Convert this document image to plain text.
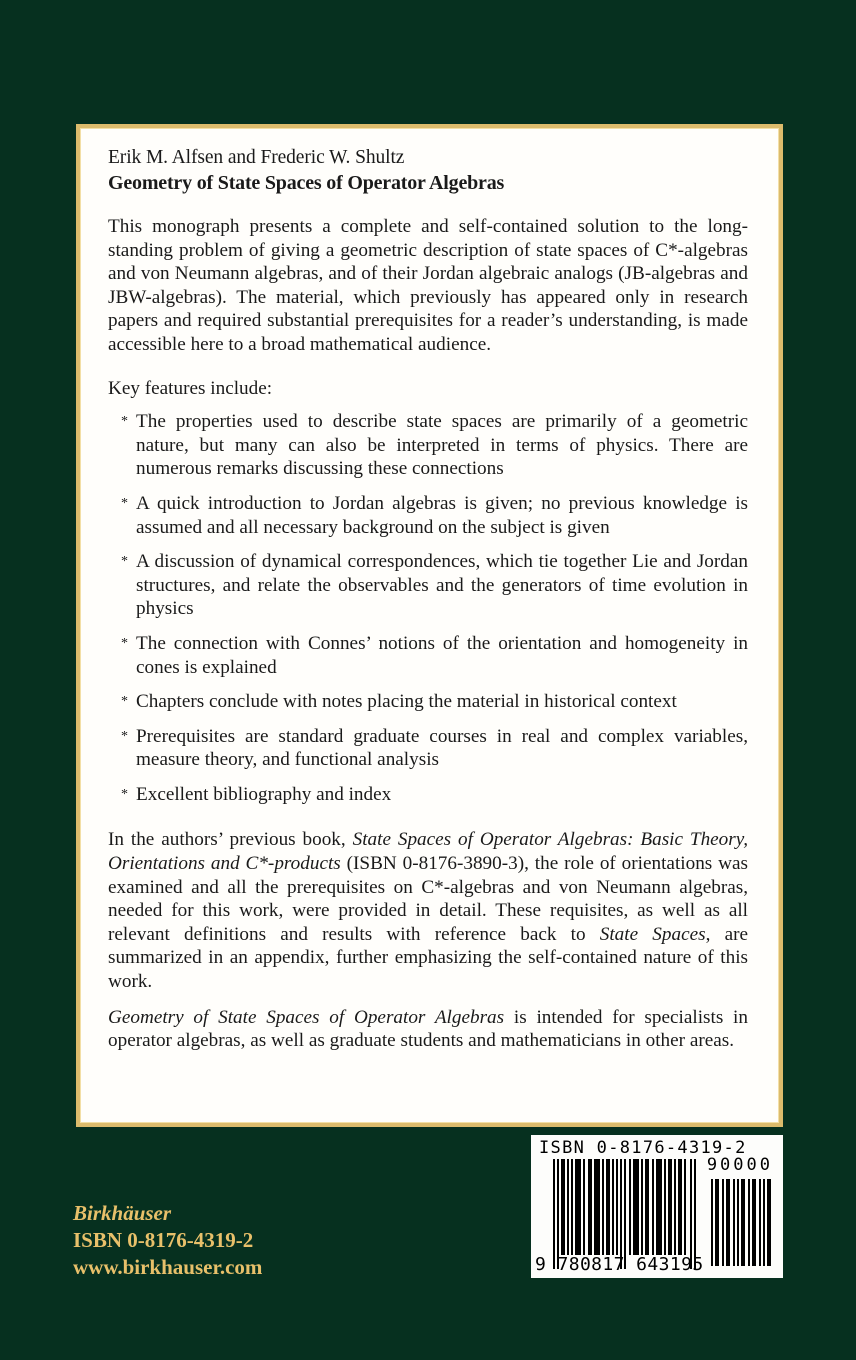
Erik M. Alfsen and Frederic W. Shultz
Geometry of State Spaces of Operator Algebras

This monograph presents a complete and self-contained solution to the long-standing problem of giving a geometric description of state spaces of C*-algebras and von Neumann algebras, and of their Jordan algebraic analogs (JB-algebras and JBW-algebras). The material, which previously has appeared only in research papers and required substantial prerequisites for a reader’s understanding, is made accessible here to a broad mathematical audience.

Key features include:

* The properties used to describe state spaces are primarily of a geometric nature, but many can also be interpreted in terms of physics. There are numerous remarks discussing these connections
* A quick introduction to Jordan algebras is given; no previous knowledge is assumed and all necessary background on the subject is given
* A discussion of dynamical correspondences, which tie together Lie and Jordan structures, and relate the observables and the generators of time evolution in physics
* The connection with Connes’ notions of the orientation and homogeneity in cones is explained
* Chapters conclude with notes placing the material in historical context
* Prerequisites are standard graduate courses in real and complex variables, measure theory, and functional analysis
* Excellent bibliography and index

In the authors’ previous book, State Spaces of Operator Algebras: Basic Theory, Orientations and C*-products (ISBN 0-8176-3890-3), the role of orientations was examined and all the prerequisites on C*-algebras and von Neumann algebras, needed for this work, were provided in detail. These requisites, as well as all relevant definitions and results with reference back to State Spaces, are summarized in an appendix, further emphasizing the self-contained nature of this work.

Geometry of State Spaces of Operator Algebras is intended for specialists in operator algebras, as well as graduate students and mathematicians in other areas.

Birkhäuser
ISBN 0-8176-4319-2
www.birkhauser.com
ISBN 0-8176-4319-2
90000
9 780817 643195
